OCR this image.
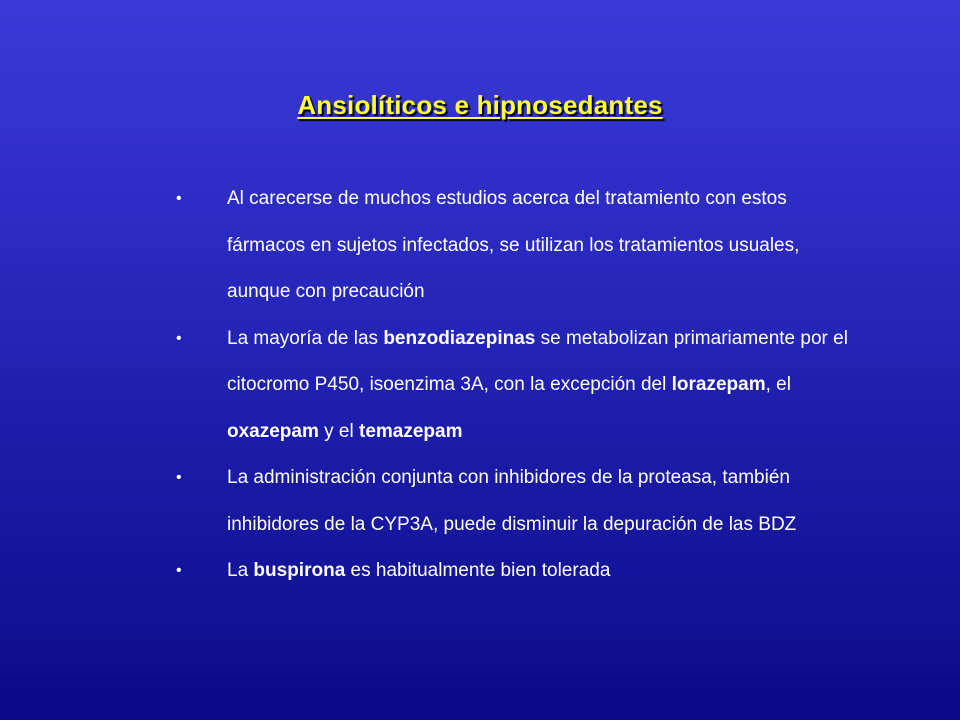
Ansiolíticos e hipnosedantes
• Al carecerse de muchos estudios acerca del tratamiento con estos fármacos en sujetos infectados, se utilizan los tratamientos usuales, aunque con precaución
• La mayoría de las benzodiazepinas se metabolizan primariamente por el citocromo P450, isoenzima 3A, con la excepción del lorazepam, el oxazepam y el temazepam
• La administración conjunta con inhibidores de la proteasa, también inhibidores de la CYP3A, puede disminuir la depuración de las BDZ
• La buspirona es habitualmente bien tolerada
